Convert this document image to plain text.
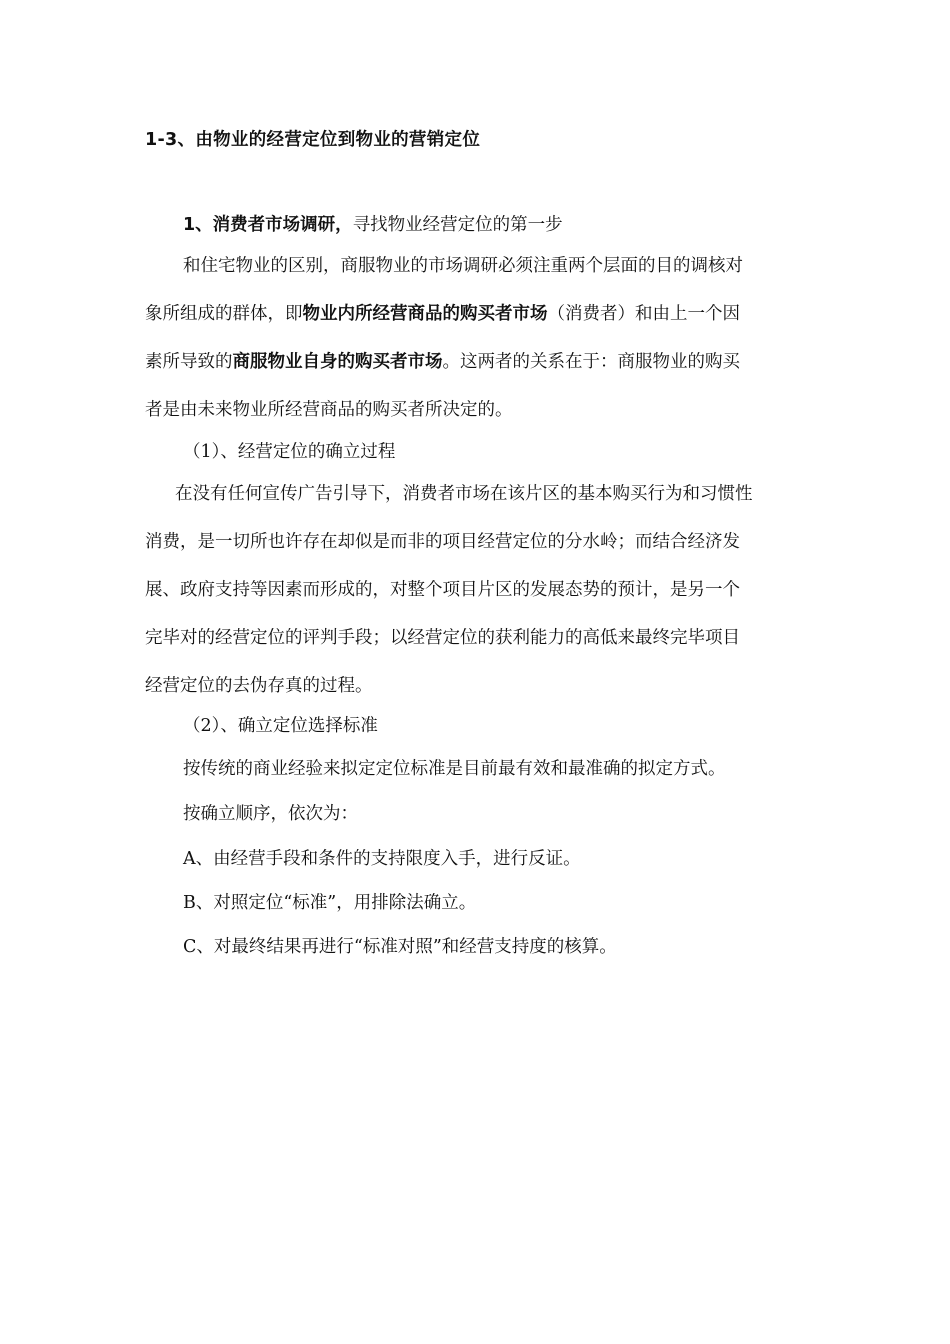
1-3、由物业的经营定位到物业的营销定位
1、消费者市场调研，寻找物业经营定位的第一步
和住宅物业的区别，商服物业的市场调研必须注重两个层面的目的调核对
象所组成的群体，即物业内所经营商品的购买者市场（消费者）和由上一个因
素所导致的商服物业自身的购买者市场。这两者的关系在于：商服物业的购买
者是由未来物业所经营商品的购买者所决定的。
（1）、经营定位的确立过程
在没有任何宣传广告引导下，消费者市场在该片区的基本购买行为和习惯性
消费，是一切所也许存在却似是而非的项目经营定位的分水岭；而结合经济发
展、政府支持等因素而形成的，对整个项目片区的发展态势的预计，是另一个
完毕对的经营定位的评判手段；以经营定位的获利能力的高低来最终完毕项目
经营定位的去伪存真的过程。
（2）、确立定位选择标准
按传统的商业经验来拟定定位标准是目前最有效和最准确的拟定方式。
按确立顺序，依次为：
A、由经营手段和条件的支持限度入手，进行反证。
B、对照定位“标准”，用排除法确立。
C、对最终结果再进行“标准对照”和经营支持度的核算。
